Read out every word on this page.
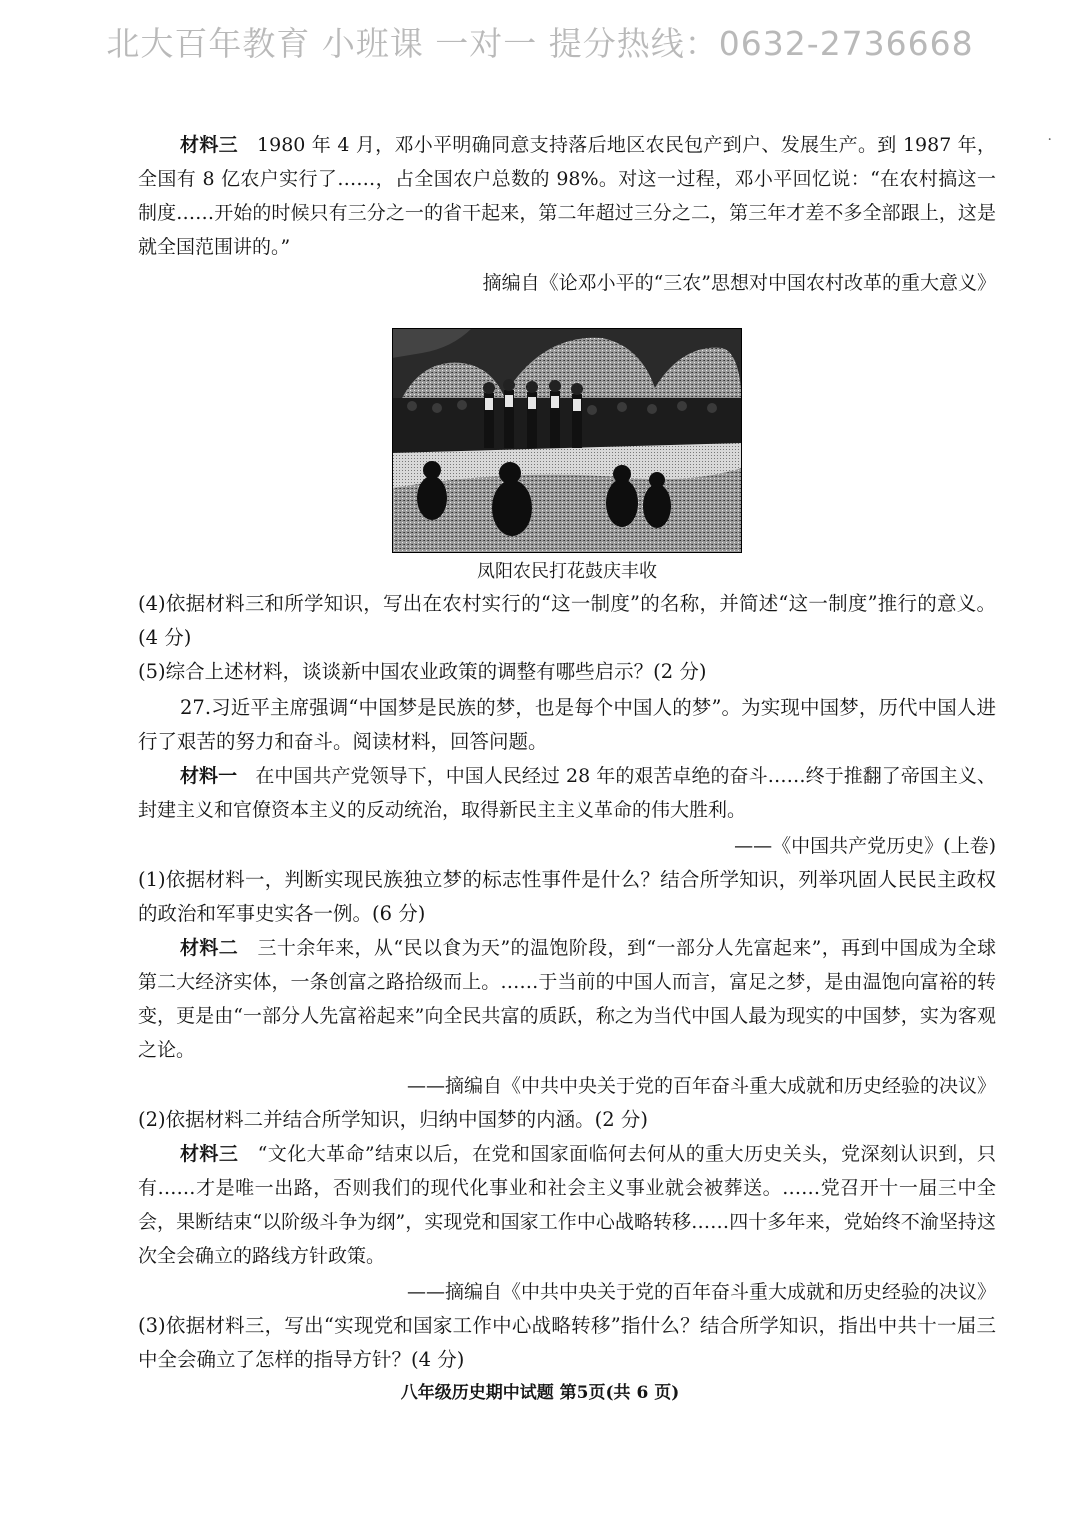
北大百年教育 小班课 一对一 提分热线：0632-2736668
·

材料三 1980 年 4 月，邓小平明确同意支持落后地区农民包产到户、发展生产。到 1987 年，全国有 8 亿农户实行了……，占全国农户总数的 98%。对这一过程，邓小平回忆说：“在农村搞这一制度……开始的时候只有三分之一的省干起来，第二年超过三分之二，第三年才差不多全部跟上，这是就全国范围讲的。”

摘编自《论邓小平的“三农”思想对中国农村改革的重大意义》

凤阳农民打花鼓庆丰收

(4)依据材料三和所学知识，写出在农村实行的“这一制度”的名称，并简述“这一制度”推行的意义。(4 分)

(5)综合上述材料，谈谈新中国农业政策的调整有哪些启示？(2 分)

27.习近平主席强调“中国梦是民族的梦，也是每个中国人的梦”。为实现中国梦，历代中国人进行了艰苦的努力和奋斗。阅读材料，回答问题。

材料一 在中国共产党领导下，中国人民经过 28 年的艰苦卓绝的奋斗……终于推翻了帝国主义、封建主义和官僚资本主义的反动统治，取得新民主主义革命的伟大胜利。

——《中国共产党历史》(上卷)

(1)依据材料一，判断实现民族独立梦的标志性事件是什么？结合所学知识，列举巩固人民民主政权的政治和军事史实各一例。(6 分)

材料二 三十余年来，从“民以食为天”的温饱阶段，到“一部分人先富起来”，再到中国成为全球第二大经济实体，一条创富之路拾级而上。……于当前的中国人而言，富足之梦，是由温饱向富裕的转变，更是由“一部分人先富裕起来”向全民共富的质跃，称之为当代中国人最为现实的中国梦，实为客观之论。

——摘编自《中共中央关于党的百年奋斗重大成就和历史经验的决议》

(2)依据材料二并结合所学知识，归纳中国梦的内涵。(2 分)

材料三 “文化大革命”结束以后，在党和国家面临何去何从的重大历史关头，党深刻认识到，只有……才是唯一出路，否则我们的现代化事业和社会主义事业就会被葬送。……党召开十一届三中全会，果断结束“以阶级斗争为纲”，实现党和国家工作中心战略转移……四十多年来，党始终不渝坚持这次全会确立的路线方针政策。

——摘编自《中共中央关于党的百年奋斗重大成就和历史经验的决议》

(3)依据材料三，写出“实现党和国家工作中心战略转移”指什么？结合所学知识，指出中共十一届三中全会确立了怎样的指导方针？(4 分)

八年级历史期中试题 第5页(共 6 页)
